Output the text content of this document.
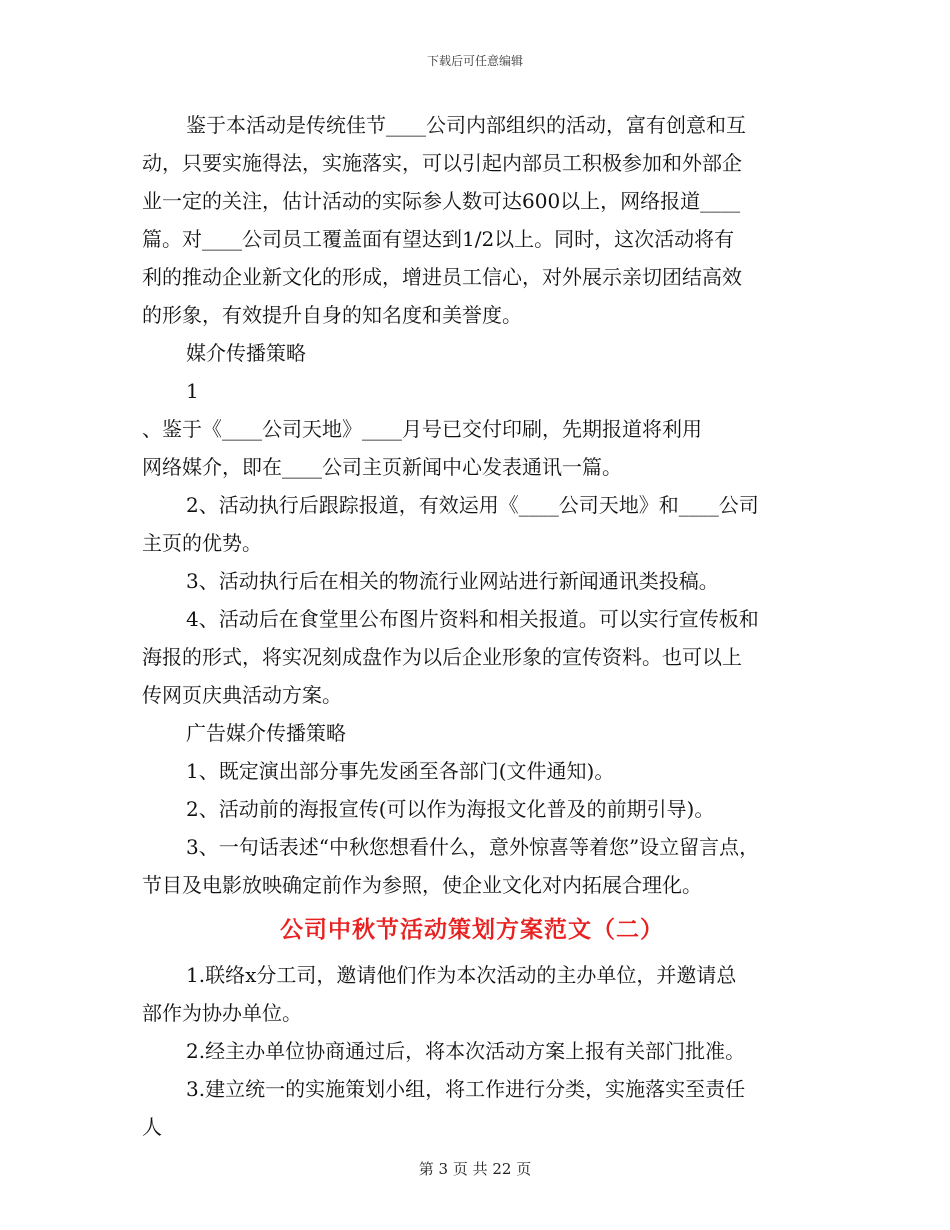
下载后可任意编辑

鉴于本活动是传统佳节____公司内部组织的活动，富有创意和互

动，只要实施得法，实施落实，可以引起内部员工积极参加和外部企

业一定的关注，估计活动的实际参人数可达600以上，网络报道____

篇。对____公司员工覆盖面有望达到1/2以上。同时，这次活动将有

利的推动企业新文化的形成，增进员工信心，对外展示亲切团结高效

的形象，有效提升自身的知名度和美誉度。

媒介传播策略

1

、鉴于《____公司天地》____月号已交付印刷，先期报道将利用

网络媒介，即在____公司主页新闻中心发表通讯一篇。

2、活动执行后跟踪报道，有效运用《____公司天地》和____公司

主页的优势。

3、活动执行后在相关的物流行业网站进行新闻通讯类投稿。

4、活动后在食堂里公布图片资料和相关报道。可以实行宣传板和

海报的形式，将实况刻成盘作为以后企业形象的宣传资料。也可以上

传网页庆典活动方案。

广告媒介传播策略

1、既定演出部分事先发函至各部门(文件通知)。

2、活动前的海报宣传(可以作为海报文化普及的前期引导)。

3、一句话表述“中秋您想看什么，意外惊喜等着您”设立留言点，

节目及电影放映确定前作为参照，使企业文化对内拓展合理化。

公司中秋节活动策划方案范文（二）

1.联络x分工司，邀请他们作为本次活动的主办单位，并邀请总

部作为协办单位。

2.经主办单位协商通过后，将本次活动方案上报有关部门批准。

3.建立统一的实施策划小组，将工作进行分类，实施落实至责任

人

第 3 页 共 22 页
